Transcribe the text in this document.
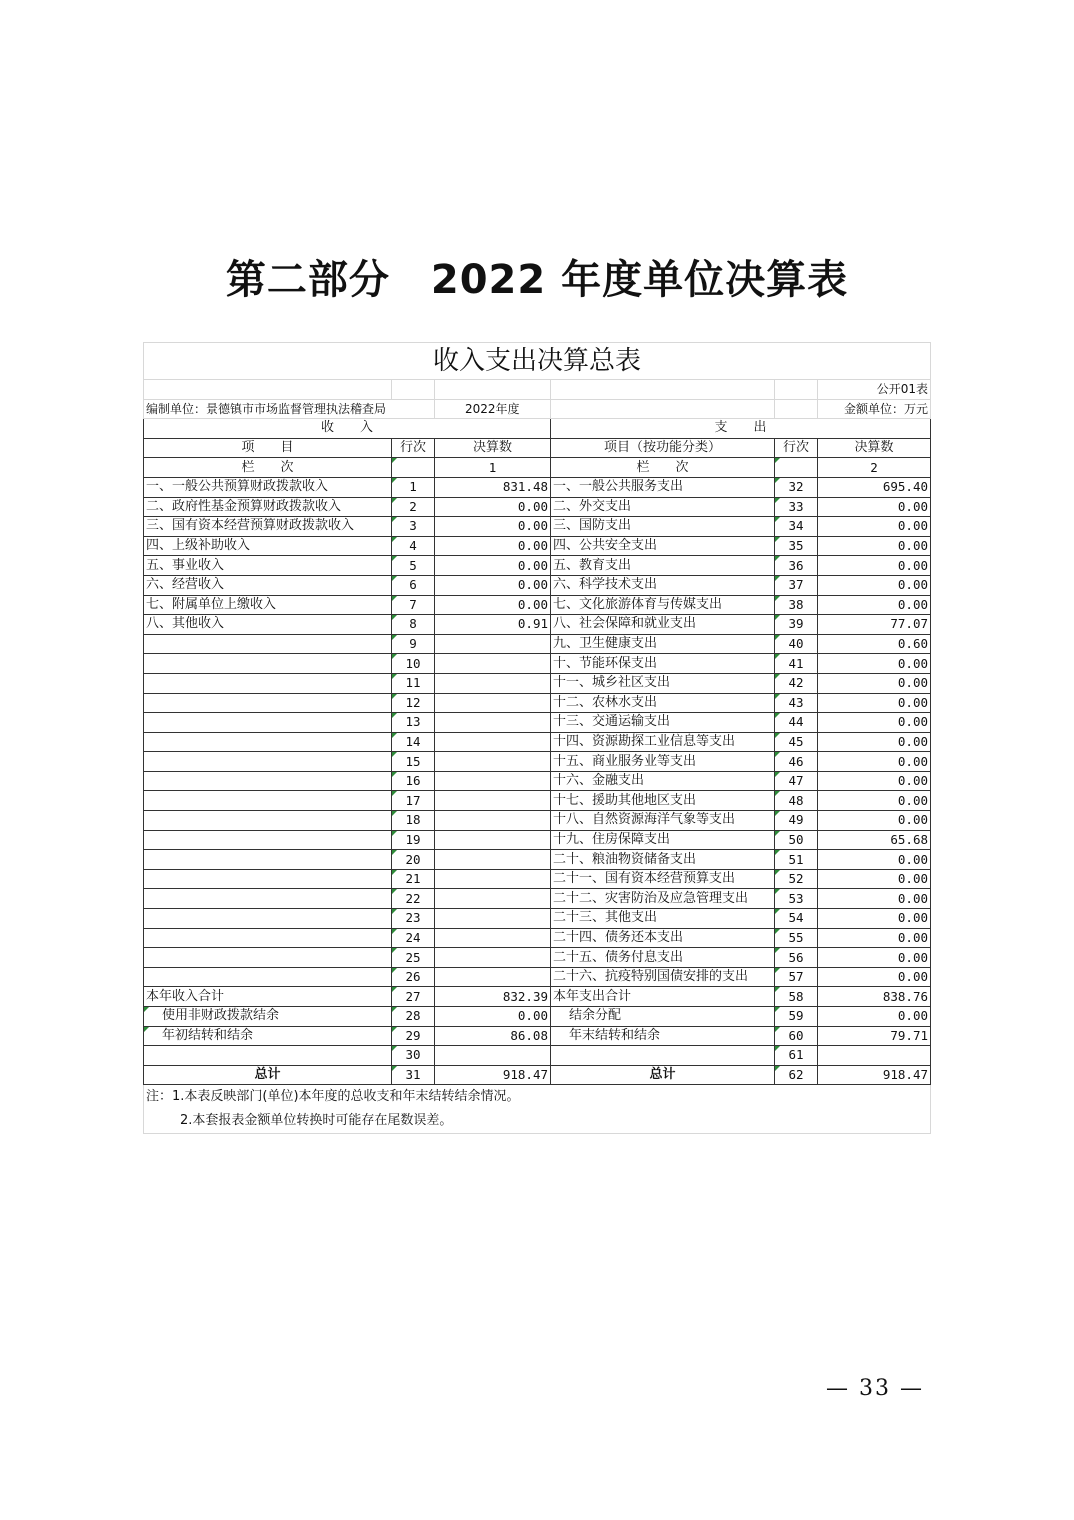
第二部分　2022 年度单位决算表
收入支出决算总表					
					公开01表
编制单位：景德镇市市场监督管理执法稽查局		2022年度			金额单位：万元
收　　入			支　　出		
项　　目	行次	决算数	项目（按功能分类）	行次	决算数
栏　　次		1	栏　　次		2
一、一般公共预算财政拨款收入	1	831.48	一、一般公共服务支出	32	695.40
二、政府性基金预算财政拨款收入	2	0.00	二、外交支出	33	0.00
三、国有资本经营预算财政拨款收入	3	0.00	三、国防支出	34	0.00
四、上级补助收入	4	0.00	四、公共安全支出	35	0.00
五、事业收入	5	0.00	五、教育支出	36	0.00
六、经营收入	6	0.00	六、科学技术支出	37	0.00
七、附属单位上缴收入	7	0.00	七、文化旅游体育与传媒支出	38	0.00
八、其他收入	8	0.91	八、社会保障和就业支出	39	77.07
	9		九、卫生健康支出	40	0.60
	10		十、节能环保支出	41	0.00
	11		十一、城乡社区支出	42	0.00
	12		十二、农林水支出	43	0.00
	13		十三、交通运输支出	44	0.00
	14		十四、资源勘探工业信息等支出	45	0.00
	15		十五、商业服务业等支出	46	0.00
	16		十六、金融支出	47	0.00
	17		十七、援助其他地区支出	48	0.00
	18		十八、自然资源海洋气象等支出	49	0.00
	19		十九、住房保障支出	50	65.68
	20		二十、粮油物资储备支出	51	0.00
	21		二十一、国有资本经营预算支出	52	0.00
	22		二十二、灾害防治及应急管理支出	53	0.00
	23		二十三、其他支出	54	0.00
	24		二十四、债务还本支出	55	0.00
	25		二十五、债务付息支出	56	0.00
	26		二十六、抗疫特别国债安排的支出	57	0.00
本年收入合计	27	832.39	本年支出合计	58	838.76
使用非财政拨款结余	28	0.00	结余分配	59	0.00
年初结转和结余	29	86.08	年末结转和结余	60	79.71
	30			61	
总计	31	918.47	总计	62	918.47
注：1.本表反映部门(单位)本年度的总收支和年末结转结余情况。					
2.本套报表金额单位转换时可能存在尾数误差。					
— 33 —
